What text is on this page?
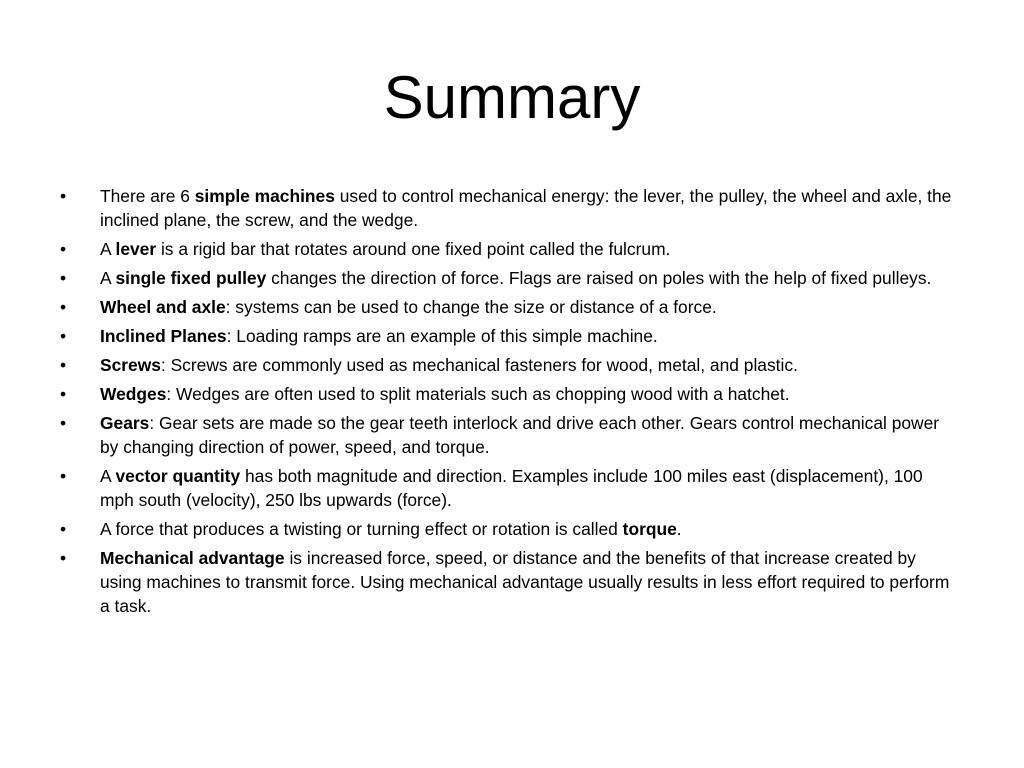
Summary
•	There are 6 simple machines used to control mechanical energy: the lever, the pulley, the wheel and axle, the inclined plane, the screw, and the wedge.
•	A lever is a rigid bar that rotates around one fixed point called the fulcrum.
•	A single fixed pulley changes the direction of force. Flags are raised on poles with the help of fixed pulleys.
•	Wheel and axle: systems can be used to change the size or distance of a force.
•	Inclined Planes: Loading ramps are an example of this simple machine.
•	Screws: Screws are commonly used as mechanical fasteners for wood, metal, and plastic.
•	Wedges: Wedges are often used to split materials such as chopping wood with a hatchet.
•	Gears: Gear sets are made so the gear teeth interlock and drive each other. Gears control mechanical power by changing direction of power, speed, and torque.
•	A vector quantity has both magnitude and direction. Examples include 100 miles east (displacement), 100 mph south (velocity), 250 lbs upwards (force).
•	A force that produces a twisting or turning effect or rotation is called torque.
•	Mechanical advantage is increased force, speed, or distance and the benefits of that increase created by using machines to transmit force. Using mechanical advantage usually results in less effort required to perform a task.
